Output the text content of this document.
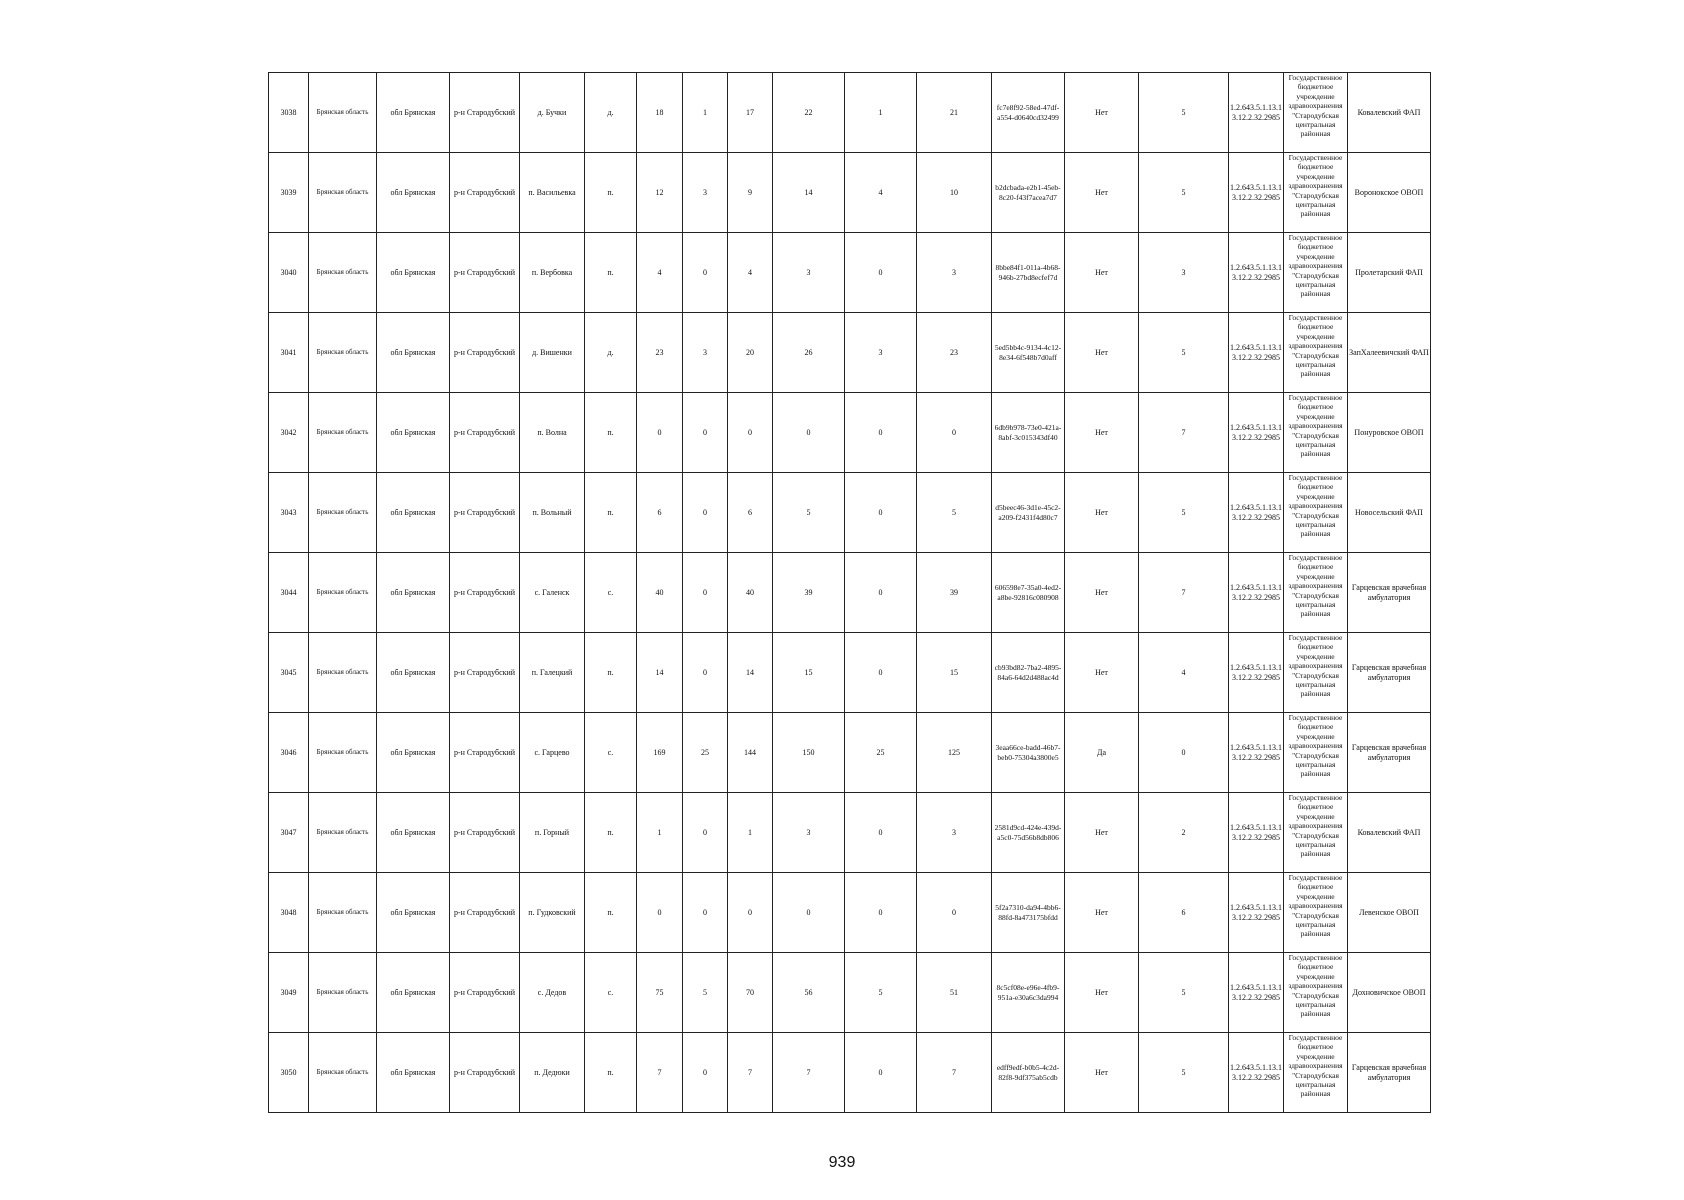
3038	Брянская область	обл Брянская	р-н Стародубский	д. Бучки	д.	18	1	17	22	1	21	fc7e8f92-58ed-47df-a554-d0640cd32499	Нет	5	1.2.643.5.1.13.13.12.2.32.2985	Государственное бюджетное учреждение здравоохранения "Стародубская центральная районная	Ковалевский ФАП
3039	Брянская область	обл Брянская	р-н Стародубский	п. Васильевка	п.	12	3	9	14	4	10	b2dcbada-e2b1-45eb-8c20-f43f7acea7d7	Нет	5	1.2.643.5.1.13.13.12.2.32.2985	Государственное бюджетное учреждение здравоохранения "Стародубская центральная районная	Воронокское ОВОП
3040	Брянская область	обл Брянская	р-н Стародубский	п. Вербовка	п.	4	0	4	3	0	3	8bbe84f1-011a-4b68-946b-27bd8ecfef7d	Нет	3	1.2.643.5.1.13.13.12.2.32.2985	Государственное бюджетное учреждение здравоохранения "Стародубская центральная районная	Пролетарский ФАП
3041	Брянская область	обл Брянская	р-н Стародубский	д. Вишенки	д.	23	3	20	26	3	23	5ed5bb4c-9134-4c12-8e34-6f548b7d0aff	Нет	5	1.2.643.5.1.13.13.12.2.32.2985	Государственное бюджетное учреждение здравоохранения "Стародубская центральная районная	ЗапХалеевичский ФАП
3042	Брянская область	обл Брянская	р-н Стародубский	п. Волна	п.	0	0	0	0	0	0	6db9b978-73e0-421a-8abf-3c015343df40	Нет	7	1.2.643.5.1.13.13.12.2.32.2985	Государственное бюджетное учреждение здравоохранения "Стародубская центральная районная	Понуровское ОВОП
3043	Брянская область	обл Брянская	р-н Стародубский	п. Вольный	п.	6	0	6	5	0	5	d5beec46-3d1e-45c2-a209-f2431f4d80c7	Нет	5	1.2.643.5.1.13.13.12.2.32.2985	Государственное бюджетное учреждение здравоохранения "Стародубская центральная районная	Новосельский ФАП
3044	Брянская область	обл Брянская	р-н Стародубский	с. Галенск	с.	40	0	40	39	0	39	606598e7-35a0-4ed2-a8be-92816c080908	Нет	7	1.2.643.5.1.13.13.12.2.32.2985	Государственное бюджетное учреждение здравоохранения "Стародубская центральная районная	Гарцевская врачебная амбулатория
3045	Брянская область	обл Брянская	р-н Стародубский	п. Галецкий	п.	14	0	14	15	0	15	cb93bd82-7ba2-4895-84a6-64d2d488ac4d	Нет	4	1.2.643.5.1.13.13.12.2.32.2985	Государственное бюджетное учреждение здравоохранения "Стародубская центральная районная	Гарцевская врачебная амбулатория
3046	Брянская область	обл Брянская	р-н Стародубский	с. Гарцево	с.	169	25	144	150	25	125	3eaa66ce-badd-46b7-beb0-75304a3800e5	Да	0	1.2.643.5.1.13.13.12.2.32.2985	Государственное бюджетное учреждение здравоохранения "Стародубская центральная районная	Гарцевская врачебная амбулатория
3047	Брянская область	обл Брянская	р-н Стародубский	п. Горный	п.	1	0	1	3	0	3	2581d9cd-424e-439d-a5c0-75d56b8db806	Нет	2	1.2.643.5.1.13.13.12.2.32.2985	Государственное бюджетное учреждение здравоохранения "Стародубская центральная районная	Ковалевский ФАП
3048	Брянская область	обл Брянская	р-н Стародубский	п. Гудковский	п.	0	0	0	0	0	0	5f2a7310-da94-4bb6-88fd-8a473175bfdd	Нет	6	1.2.643.5.1.13.13.12.2.32.2985	Государственное бюджетное учреждение здравоохранения "Стародубская центральная районная	Левенское ОВОП
3049	Брянская область	обл Брянская	р-н Стародубский	с. Дедов	с.	75	5	70	56	5	51	8c5cf08e-e96e-4fb9-951a-e30a6c3da994	Нет	5	1.2.643.5.1.13.13.12.2.32.2985	Государственное бюджетное учреждение здравоохранения "Стародубская центральная районная	Дохновичское ОВОП
3050	Брянская область	обл Брянская	р-н Стародубский	п. Дедюки	п.	7	0	7	7	0	7	edff9edf-b0b5-4c2d-82f8-9df375ab5cdb	Нет	5	1.2.643.5.1.13.13.12.2.32.2985	Государственное бюджетное учреждение здравоохранения "Стародубская центральная районная	Гарцевская врачебная амбулатория
939
